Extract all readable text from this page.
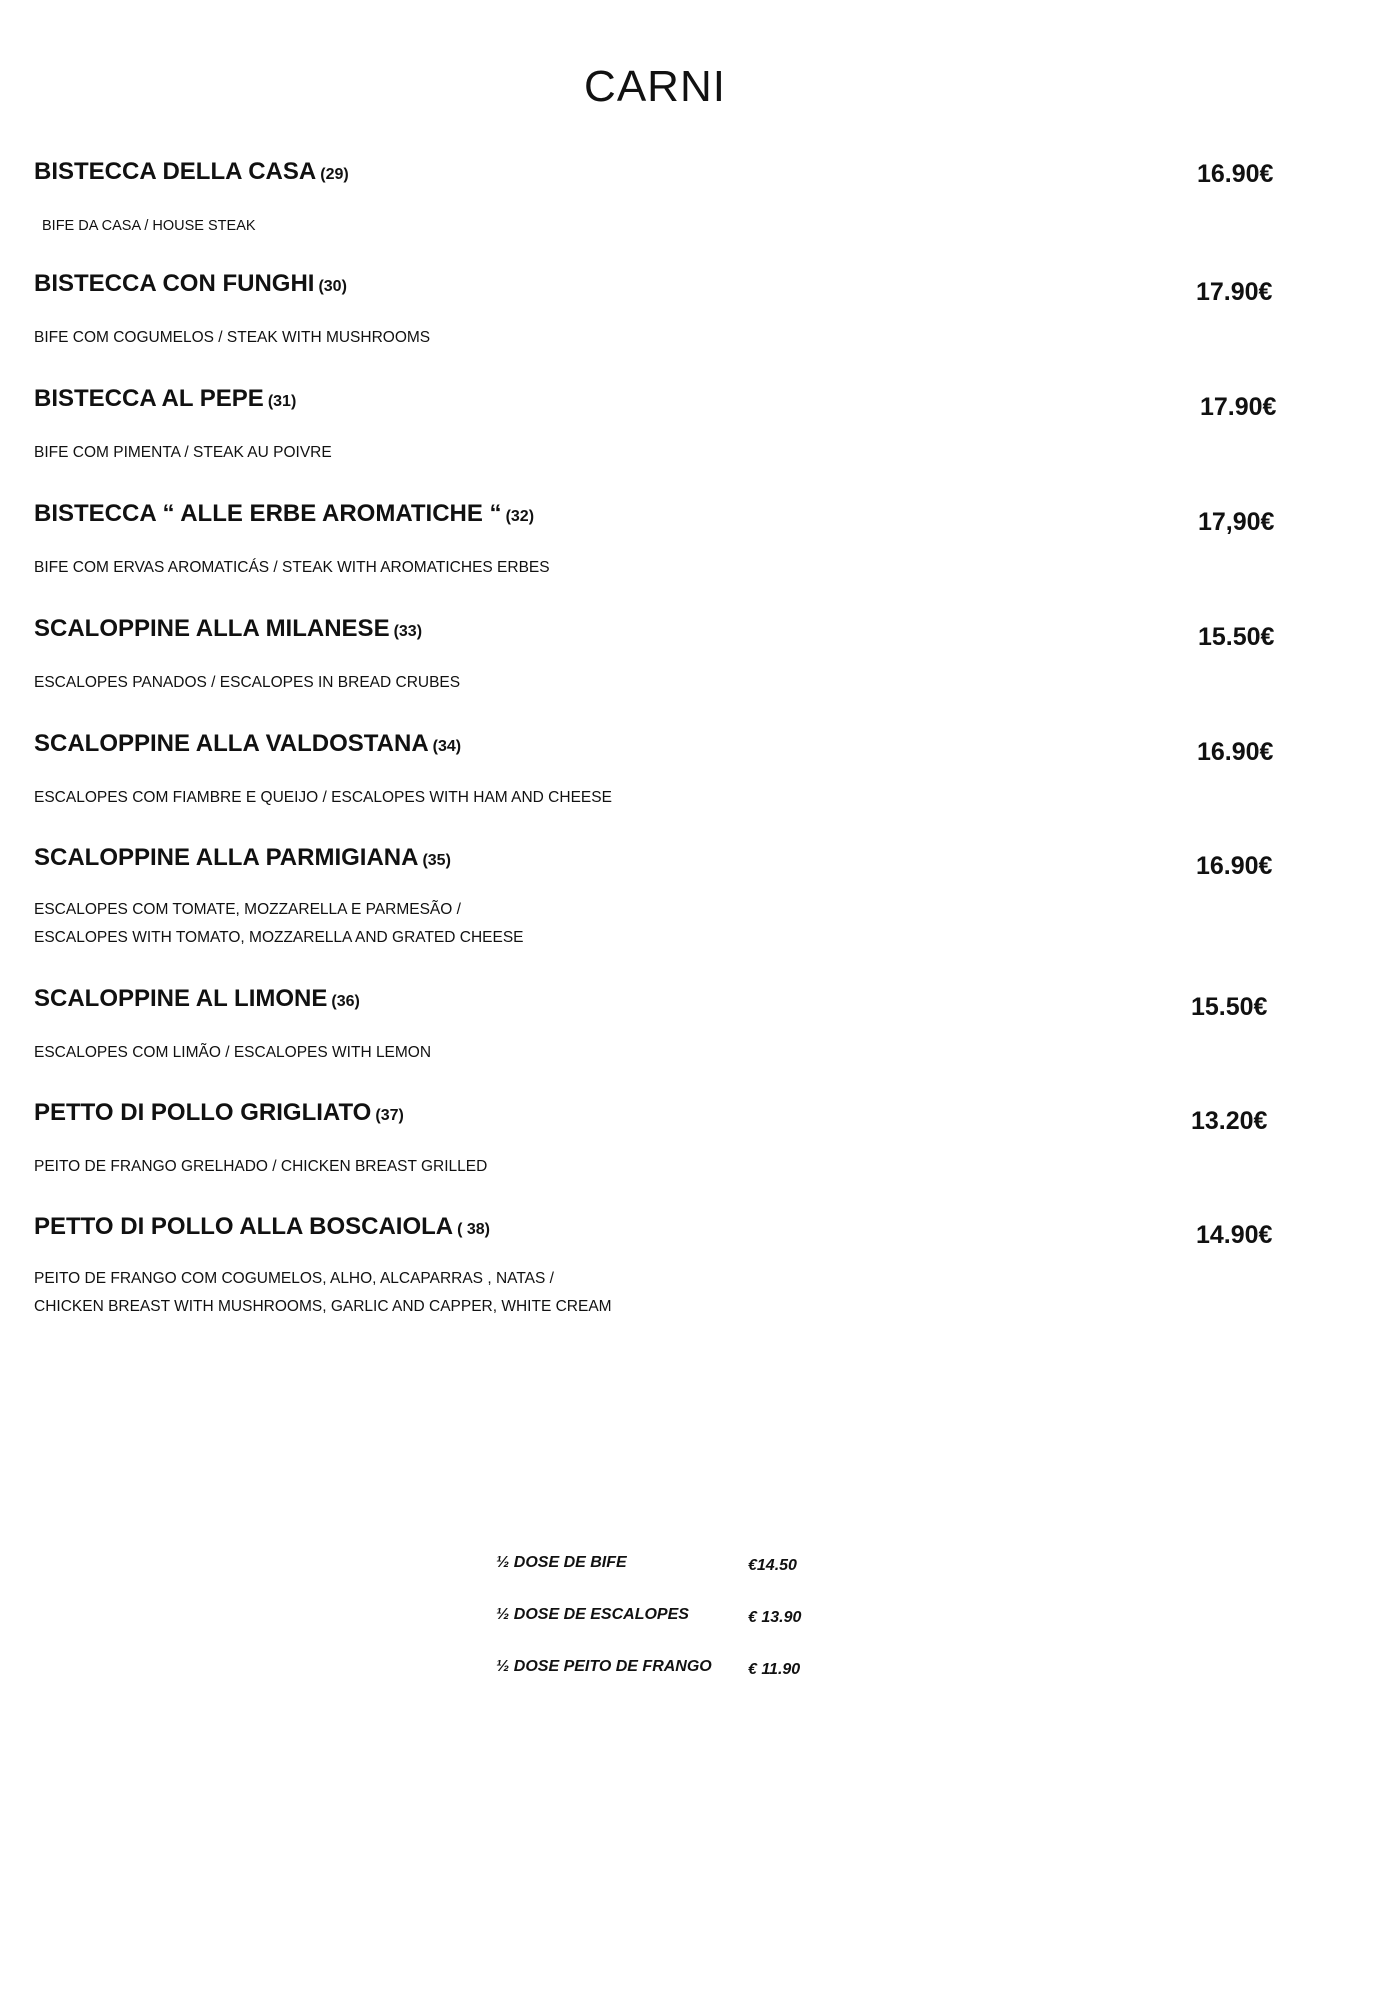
CARNI
BISTECCA DELLA CASA (29)
BIFE DA CASA / HOUSE STEAK
16.90€
BISTECCA CON FUNGHI (30)
BIFE COM COGUMELOS / STEAK WITH MUSHROOMS
17.90€
BISTECCA AL PEPE (31)
BIFE COM PIMENTA / STEAK AU POIVRE
17.90€
BISTECCA “ ALLE ERBE AROMATICHE “ (32)
BIFE COM ERVAS AROMATICÁS / STEAK WITH AROMATICHES ERBES
17,90€
SCALOPPINE ALLA MILANESE (33)
ESCALOPES PANADOS / ESCALOPES IN BREAD CRUBES
15.50€
SCALOPPINE ALLA VALDOSTANA (34)
ESCALOPES COM FIAMBRE E QUEIJO / ESCALOPES WITH HAM AND CHEESE
16.90€
SCALOPPINE ALLA PARMIGIANA (35)
ESCALOPES COM TOMATE, MOZZARELLA E PARMESÃO /
ESCALOPES WITH TOMATO, MOZZARELLA AND GRATED CHEESE
16.90€
SCALOPPINE AL LIMONE (36)
ESCALOPES COM LIMÃO / ESCALOPES WITH LEMON
15.50€
PETTO DI POLLO GRIGLIATO (37)
PEITO DE FRANGO GRELHADO / CHICKEN BREAST GRILLED
13.20€
PETTO DI POLLO ALLA BOSCAIOLA ( 38)
PEITO DE FRANGO COM COGUMELOS, ALHO, ALCAPARRAS , NATAS /
CHICKEN BREAST WITH MUSHROOMS, GARLIC AND CAPPER, WHITE CREAM
14.90€
½ DOSE DE BIFE	€14.50
½ DOSE DE ESCALOPES	€ 13.90
½ DOSE PEITO DE FRANGO € 11.90
